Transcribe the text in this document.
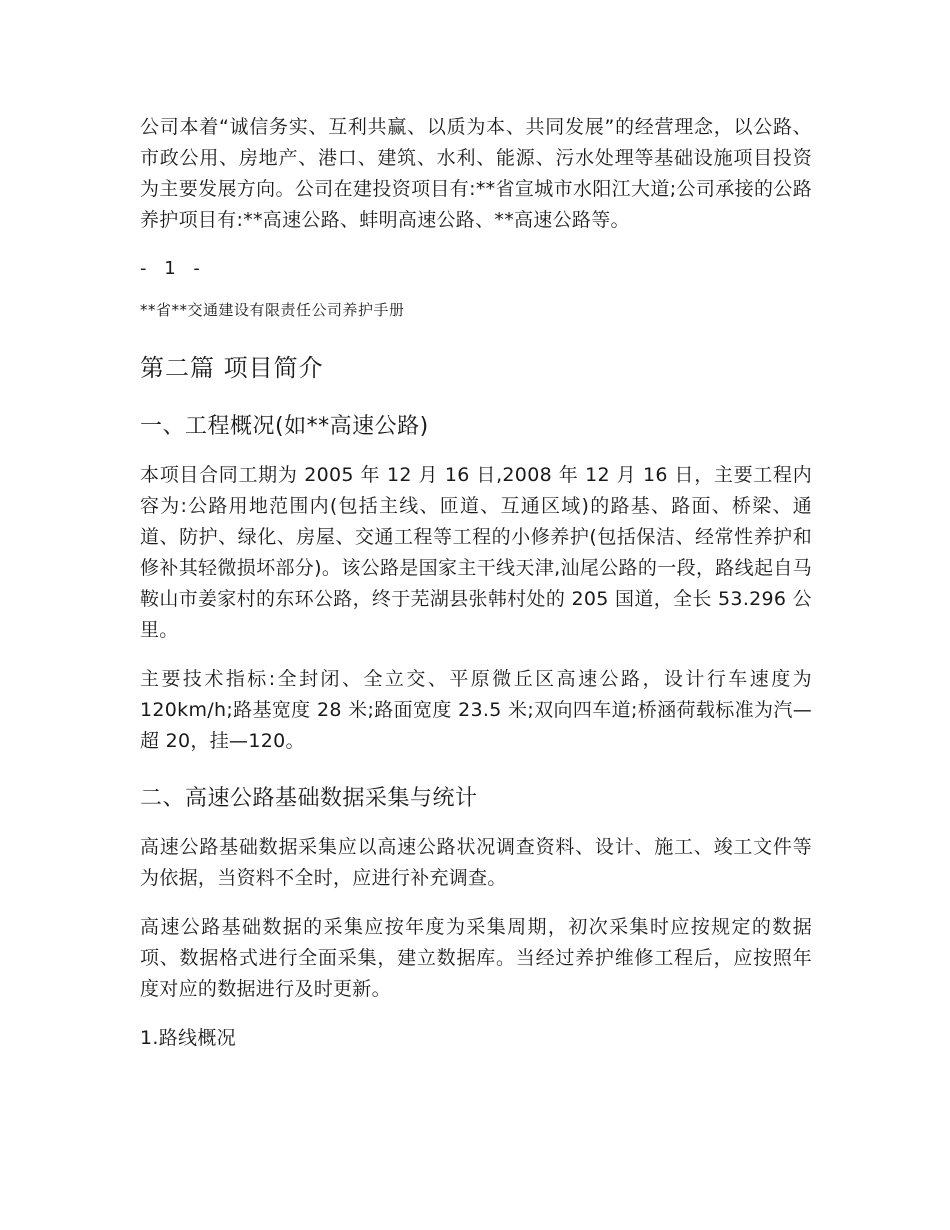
公司本着“诚信务实、互利共赢、以质为本、共同发展”的经营理念，以公路、市政公用、房地产、港口、建筑、水利、能源、污水处理等基础设施项目投资为主要发展方向。公司在建投资项目有:**省宣城市水阳江大道;公司承接的公路养护项目有:**高速公路、蚌明高速公路、**高速公路等。

- 1 -

**省**交通建设有限责任公司养护手册

第二篇 项目简介
一、工程概况(如**高速公路)

本项目合同工期为 2005 年 12 月 16 日,2008 年 12 月 16 日，主要工程内容为:公路用地范围内(包括主线、匝道、互通区域)的路基、路面、桥梁、通道、防护、绿化、房屋、交通工程等工程的小修养护(包括保洁、经常性养护和修补其轻微损坏部分)。该公路是国家主干线天津,汕尾公路的一段，路线起自马鞍山市姜家村的东环公路，终于芜湖县张韩村处的 205 国道，全长 53.296 公里。

主要技术指标:全封闭、全立交、平原微丘区高速公路，设计行车速度为 120km/h;路基宽度 28 米;路面宽度 23.5 米;双向四车道;桥涵荷载标准为汽—超 20，挂—120。

二、高速公路基础数据采集与统计

高速公路基础数据采集应以高速公路状况调查资料、设计、施工、竣工文件等为依据，当资料不全时，应进行补充调查。

高速公路基础数据的采集应按年度为采集周期，初次采集时应按规定的数据项、数据格式进行全面采集，建立数据库。当经过养护维修工程后，应按照年度对应的数据进行及时更新。

1.路线概况
